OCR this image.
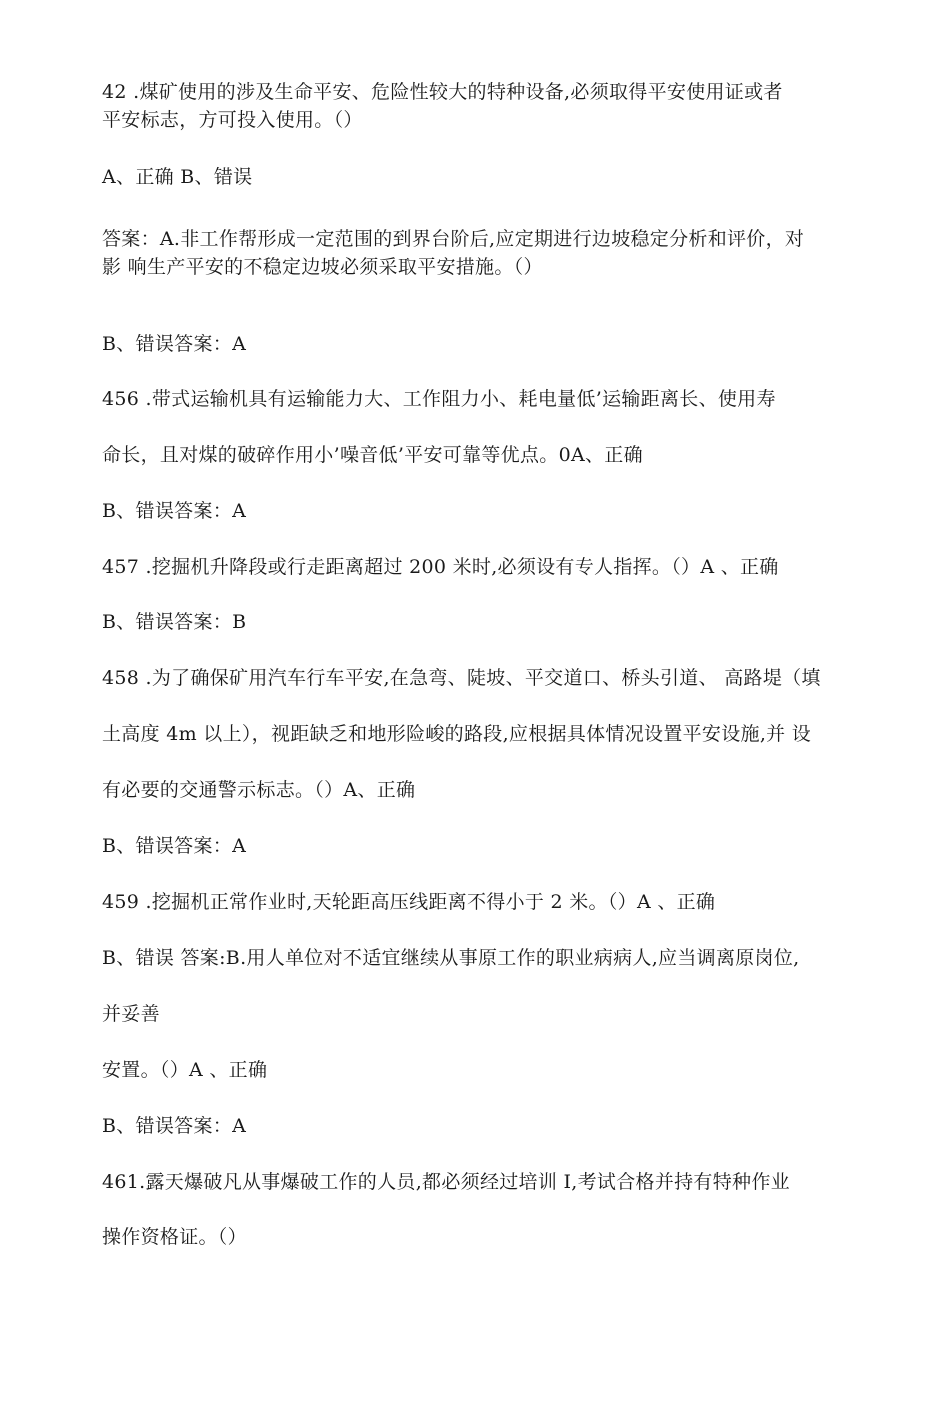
42 .煤矿使用的涉及生命平安、危险性较大的特种设备,必须取得平安使用证或者
平安标志，方可投入使用。（）
A、正确 B、错误
答案：A.非工作帮形成一定范围的到界台阶后,应定期进行边坡稳定分析和评价，对
影 响生产平安的不稳定边坡必须采取平安措施。（）
B、错误答案：A
456 .带式运输机具有运输能力大、工作阻力小、耗电量低’运输距离长、使用寿
命长，且对煤的破碎作用小’噪音低’平安可靠等优点。0A、正确
B、错误答案：A
457 .挖掘机升降段或行走距离超过 200 米时,必须设有专人指挥。（）A 、正确
B、错误答案：B
458 .为了确保矿用汽车行车平安,在急弯、陡坡、平交道口、桥头引道、 高路堤（填
土高度 4m 以上），视距缺乏和地形险峻的路段,应根据具体情况设置平安设施,并 设
有必要的交通警示标志。（）A、正确
B、错误答案：A
459 .挖掘机正常作业时,天轮距高压线距离不得小于 2 米。（）A 、正确
B、错误 答案:B.用人单位对不适宜继续从事原工作的职业病病人,应当调离原岗位,
并妥善
安置。（）A 、正确
B、错误答案：A
461.露天爆破凡从事爆破工作的人员,都必须经过培训 I,考试合格并持有特种作业
操作资格证。（）
